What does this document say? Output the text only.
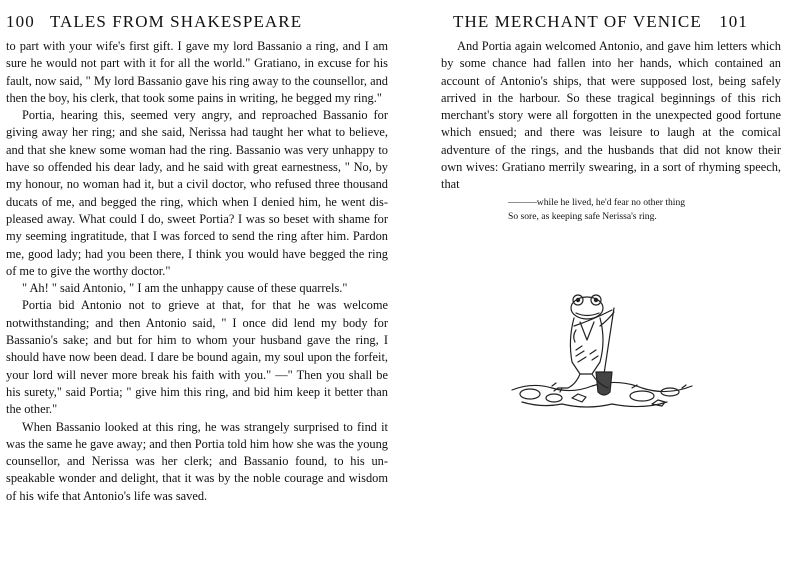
100 TALES FROM SHAKESPEARE

to part with your wife's first gift. I gave my lord Bassanio a ring, and I am sure he would not part with it for all the world." Gratiano, in excuse for his fault, now said, " My lord Bassanio gave his ring away to the counsellor, and then the boy, his clerk, that took some pains in writing, he begged my ring."

Portia, hearing this, seemed very angry, and reproached Bassanio for giving away her ring; and she said, Nerissa had taught her what to believe, and that she knew some woman had the ring. Bassanio was very unhappy to have so offended his dear lady, and he said with great earnestness, " No, by my honour, no woman had it, but a civil doctor, who refused three thousand ducats of me, and begged the ring, which when I denied him, he went displeased away. What could I do, sweet Portia? I was so beset with shame for my seeming ingratitude, that I was forced to send the ring after him. Pardon me, good lady; had you been there, I think you would have begged the ring of me to give the worthy doctor."

" Ah! " said Antonio, " I am the unhappy cause of these quarrels."

Portia bid Antonio not to grieve at that, for that he was welcome notwithstanding; and then Antonio said, " I once did lend my body for Bassanio's sake; and but for him to whom your husband gave the ring, I should have now been dead. I dare be bound again, my soul upon the forfeit, your lord will never more break his faith with you." —" Then you shall be his surety," said Portia; " give him this ring, and bid him keep it better than the other."

When Bassanio looked at this ring, he was strangely surprised to find it was the same he gave away; and then Portia told him how she was the young counsellor, and Nerissa was her clerk; and Bassanio found, to his unspeakable wonder and delight, that it was by the noble courage and wisdom of his wife that Antonio's life was saved.

THE MERCHANT OF VENICE 101

And Portia again welcomed Antonio, and gave him letters which by some chance had fallen into her hands, which contained an account of Antonio's ships, that were supposed lost, being safely arrived in the harbour. So these tragical beginnings of this rich merchant's story were all forgotten in the unexpected good fortune which ensued; and there was leisure to laugh at the comical adventure of the rings, and the husbands that did not know their own wives: Gratiano merrily swearing, in a sort of rhyming speech, that

———while he lived, he'd fear no other thing
So sore, as keeping safe Nerissa's ring.
